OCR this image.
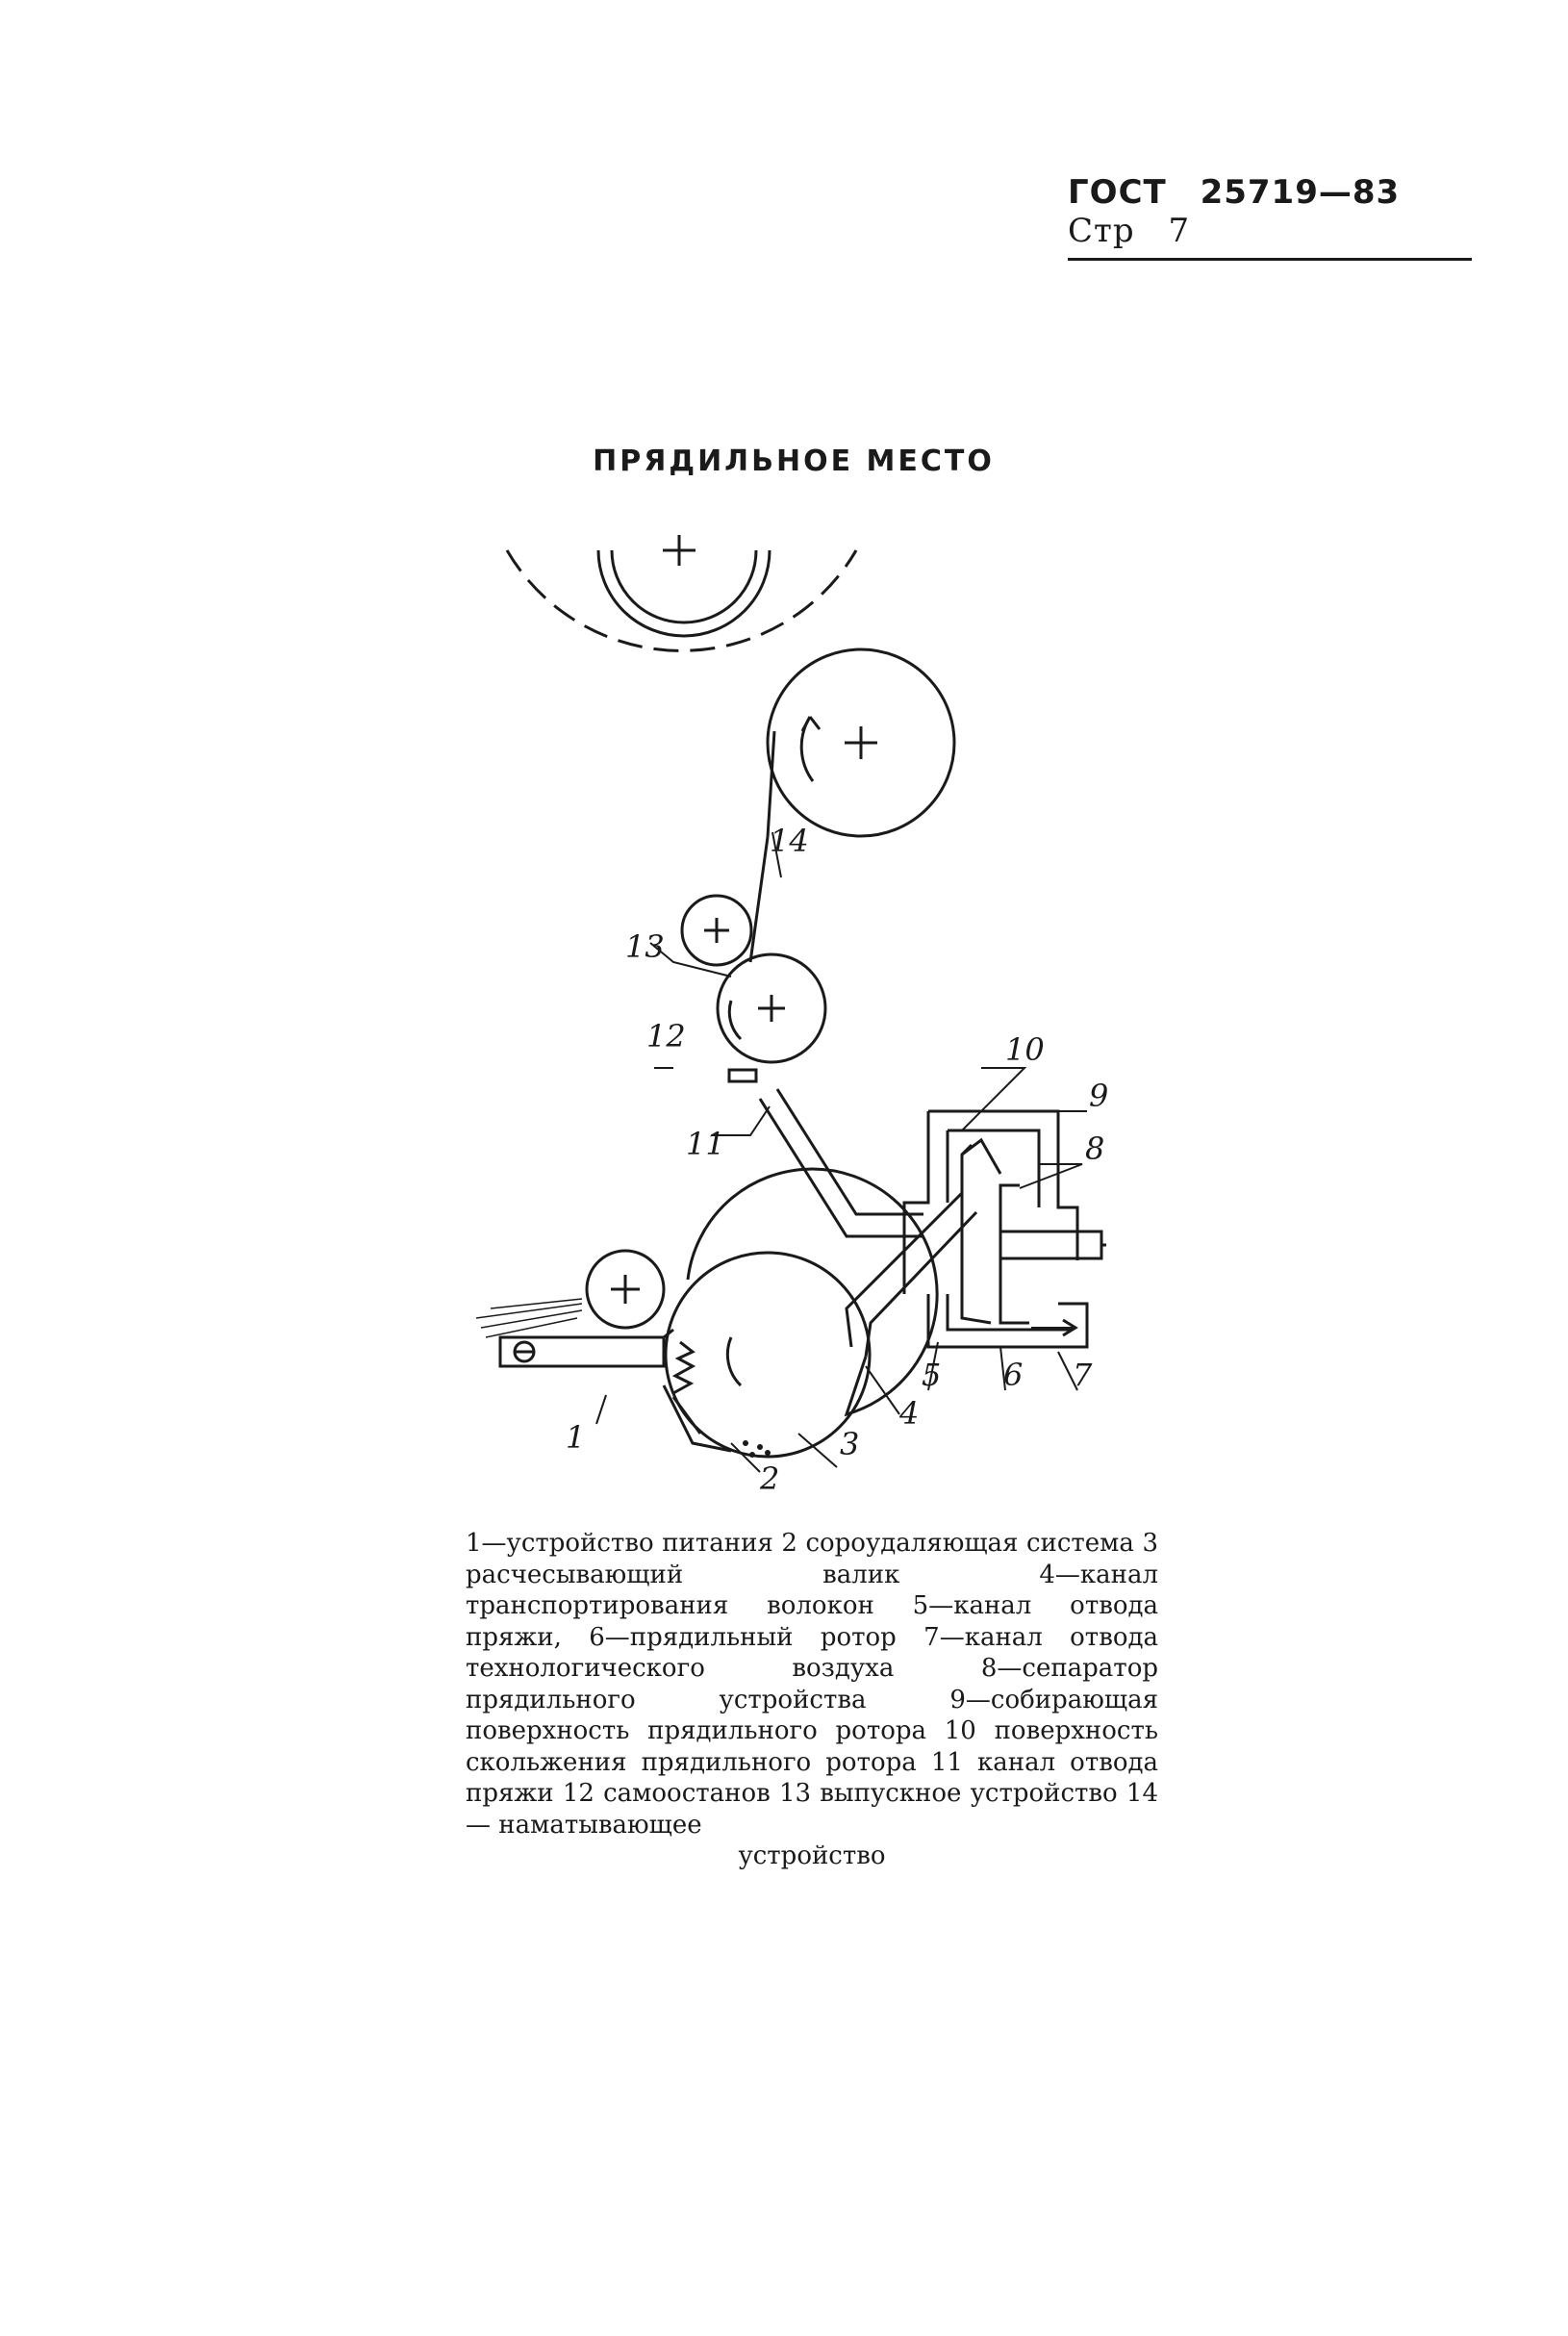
ГОСТ 25719—83 Стр 7
ПРЯДИЛЬНОЕ МЕСТО
1
2
3
4
5 6 7
8
9
10
11
12
13
14
1—устройство питания 2 сороудаляющая система 3 расчесывающий валик 4—канал транспортирования волокон 5—канал отвода пряжи, 6—прядильный ротор 7—канал отвода технологического воздуха 8—сепаратор прядильного устройства 9—собирающая поверхность прядильного ротора 10 поверхность скольжения прядильного ротора 11 канал отвода пряжи 12 самоостанов 13 выпускное устройство 14— наматывающее
устройство
